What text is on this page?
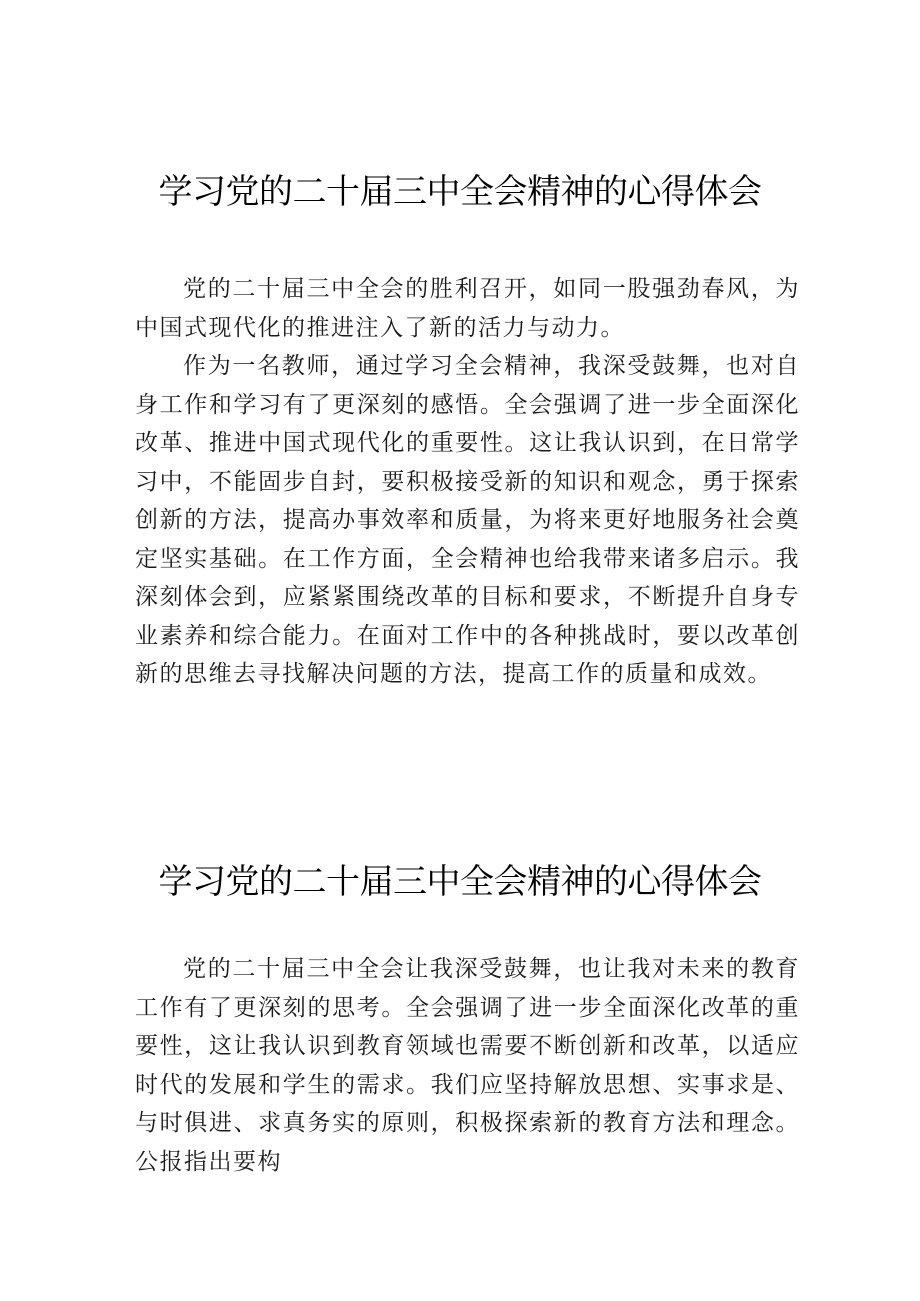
学习党的二十届三中全会精神的心得体会

党的二十届三中全会的胜利召开，如同一股强劲春风，为中国式现代化的推进注入了新的活力与动力。

作为一名教师，通过学习全会精神，我深受鼓舞，也对自身工作和学习有了更深刻的感悟。全会强调了进一步全面深化改革、推进中国式现代化的重要性。这让我认识到，在日常学习中，不能固步自封，要积极接受新的知识和观念，勇于探索创新的方法，提高办事效率和质量，为将来更好地服务社会奠定坚实基础。在工作方面，全会精神也给我带来诸多启示。我深刻体会到，应紧紧围绕改革的目标和要求，不断提升自身专业素养和综合能力。在面对工作中的各种挑战时，要以改革创新的思维去寻找解决问题的方法，提高工作的质量和成效。

学习党的二十届三中全会精神的心得体会

党的二十届三中全会让我深受鼓舞，也让我对未来的教育工作有了更深刻的思考。全会强调了进一步全面深化改革的重要性，这让我认识到教育领域也需要不断创新和改革，以适应时代的发展和学生的需求。我们应坚持解放思想、实事求是、与时俱进、求真务实的原则，积极探索新的教育方法和理念。公报指出要构
